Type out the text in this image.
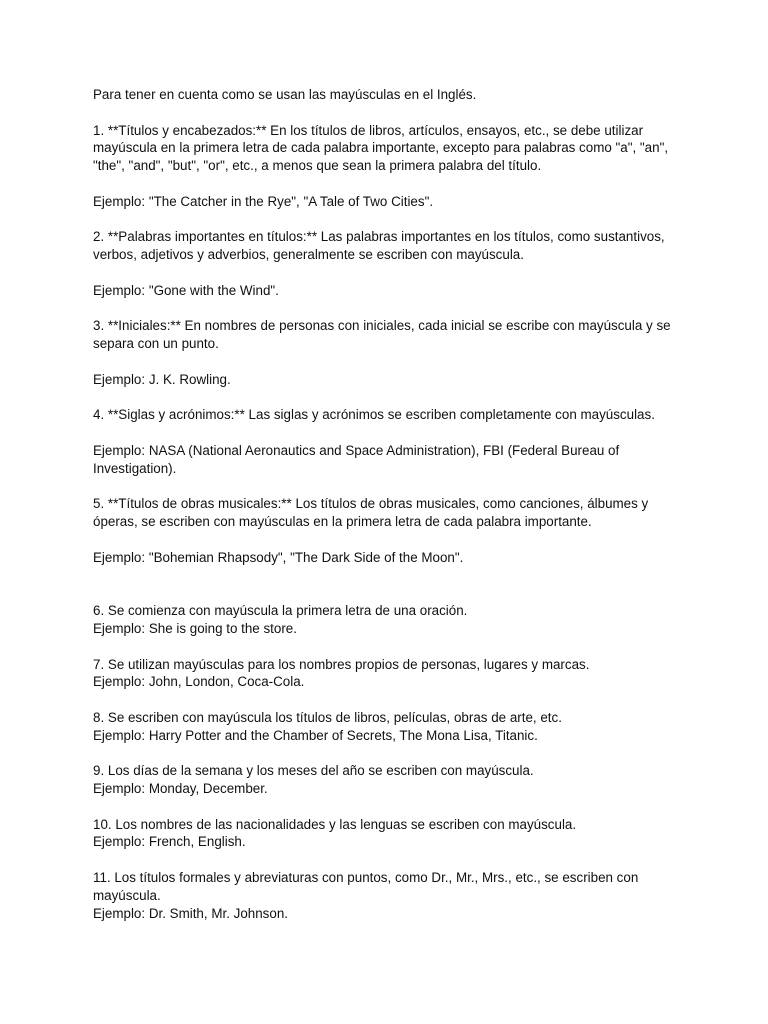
Para tener en cuenta como se usan las mayúsculas en el Inglés.

1. **Títulos y encabezados:** En los títulos de libros, artículos, ensayos, etc., se debe utilizar mayúscula en la primera letra de cada palabra importante, excepto para palabras como "a", "an", "the", "and", "but", "or", etc., a menos que sean la primera palabra del título.

Ejemplo: "The Catcher in the Rye", "A Tale of Two Cities".

2. **Palabras importantes en títulos:** Las palabras importantes en los títulos, como sustantivos, verbos, adjetivos y adverbios, generalmente se escriben con mayúscula.

Ejemplo: "Gone with the Wind".

3. **Iniciales:** En nombres de personas con iniciales, cada inicial se escribe con mayúscula y se separa con un punto.

Ejemplo: J. K. Rowling.

4. **Siglas y acrónimos:** Las siglas y acrónimos se escriben completamente con mayúsculas.

Ejemplo: NASA (National Aeronautics and Space Administration), FBI (Federal Bureau of Investigation).

5. **Títulos de obras musicales:** Los títulos de obras musicales, como canciones, álbumes y óperas, se escriben con mayúsculas en la primera letra de cada palabra importante.

Ejemplo: "Bohemian Rhapsody", "The Dark Side of the Moon".

6. Se comienza con mayúscula la primera letra de una oración.

Ejemplo: She is going to the store.

7. Se utilizan mayúsculas para los nombres propios de personas, lugares y marcas.

Ejemplo: John, London, Coca-Cola.

8. Se escriben con mayúscula los títulos de libros, películas, obras de arte, etc.

Ejemplo: Harry Potter and the Chamber of Secrets, The Mona Lisa, Titanic.

9. Los días de la semana y los meses del año se escriben con mayúscula.

Ejemplo: Monday, December.

10. Los nombres de las nacionalidades y las lenguas se escriben con mayúscula.

Ejemplo: French, English.

11. Los títulos formales y abreviaturas con puntos, como Dr., Mr., Mrs., etc., se escriben con mayúscula.

Ejemplo: Dr. Smith, Mr. Johnson.
